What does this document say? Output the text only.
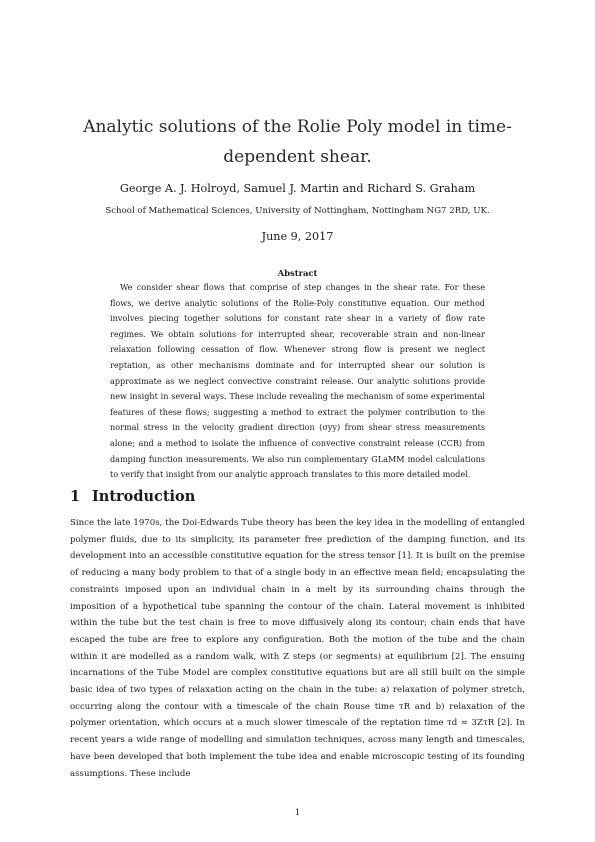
Analytic solutions of the Rolie Poly model in time-dependent shear.
George A. J. Holroyd, Samuel J. Martin and Richard S. Graham
School of Mathematical Sciences, University of Nottingham, Nottingham NG7 2RD, UK.
June 9, 2017
Abstract
We consider shear flows that comprise of step changes in the shear rate. For these flows, we derive analytic solutions of the Rolie-Poly constitutive equation. Our method involves piecing together solutions for constant rate shear in a variety of flow rate regimes. We obtain solutions for interrupted shear, recoverable strain and non-linear relaxation following cessation of flow. Whenever strong flow is present we neglect reptation, as other mechanisms dominate and for interrupted shear our solution is approximate as we neglect convective constraint release. Our analytic solutions provide new insight in several ways. These include revealing the mechanism of some experimental features of these flows; suggesting a method to extract the polymer contribution to the normal stress in the velocity gradient direction (σyy) from shear stress measurements alone; and a method to isolate the influence of convective constraint release (CCR) from damping function measurements. We also run complementary GLaMM model calculations to verify that insight from our analytic approach translates to this more detailed model.
1 Introduction
Since the late 1970s, the Doi-Edwards Tube theory has been the key idea in the modelling of entangled polymer fluids, due to its simplicity, its parameter free prediction of the damping function, and its development into an accessible constitutive equation for the stress tensor [1]. It is built on the premise of reducing a many body problem to that of a single body in an effective mean field; encapsulating the constraints imposed upon an individual chain in a melt by its surrounding chains through the imposition of a hypothetical tube spanning the contour of the chain. Lateral movement is inhibited within the tube but the test chain is free to move diffusively along its contour; chain ends that have escaped the tube are free to explore any configuration. Both the motion of the tube and the chain within it are modelled as a random walk, with Z steps (or segments) at equilibrium [2]. The ensuing incarnations of the Tube Model are complex constitutive equations but are all still built on the simple basic idea of two types of relaxation acting on the chain in the tube: a) relaxation of polymer stretch, occurring along the contour with a timescale of the chain Rouse time τR and b) relaxation of the polymer orientation, which occurs at a much slower timescale of the reptation time τd ≈ 3ZτR [2]. In recent years a wide range of modelling and simulation techniques, across many length and timescales, have been developed that both implement the tube idea and enable microscopic testing of its founding assumptions. These include
1
